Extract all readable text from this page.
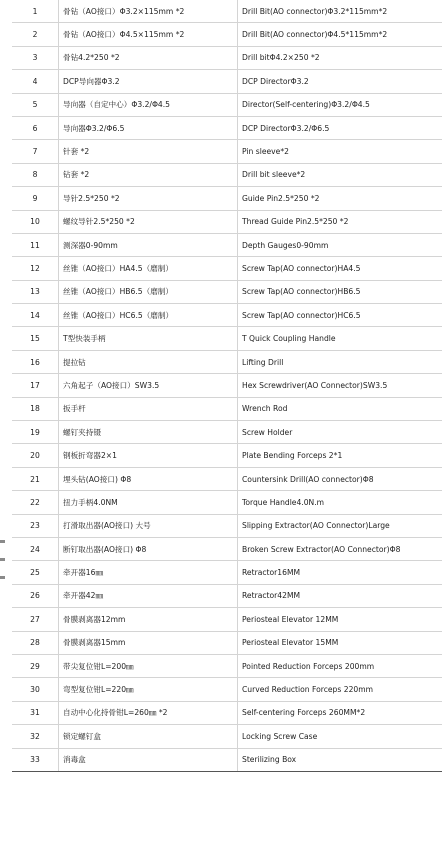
1	骨钻（AO接口）Φ3.2×115mm *2	Drill Bit(AO connector)Φ3.2*115mm*2
2	骨钻（AO接口）Φ4.5×115mm *2	Drill Bit(AO connector)Φ4.5*115mm*2
3	骨钻4.2*250 *2	Drill bitΦ4.2×250 *2
4	DCP导向器Φ3.2	DCP DirectorΦ3.2
5	导向器（自定中心）Φ3.2/Φ4.5	Director(Self-centering)Φ3.2/Φ4.5
6	导向器Φ3.2/Φ6.5	DCP DirectorΦ3.2/Φ6.5
7	针套 *2	Pin sleeve*2
8	钻套 *2	Drill bit sleeve*2
9	导针2.5*250 *2	Guide Pin2.5*250 *2
10	螺纹导针2.5*250 *2	Thread Guide Pin2.5*250 *2
11	测深器0-90mm	Depth Gauges0-90mm
12	丝锥（AO接口）HA4.5（磨制）	Screw Tap(AO connector)HA4.5
13	丝锥（AO接口）HB6.5（磨制）	Screw Tap(AO connector)HB6.5
14	丝锥（AO接口）HC6.5（磨制）	Screw Tap(AO connector)HC6.5
15	T型快装手柄	T Quick Coupling Handle
16	提拉钻	Lifting Drill
17	六角起子（AO接口）SW3.5	Hex Screwdriver(AO Connector)SW3.5
18	扳手杆	Wrench Rod
19	螺钉夹持镊	Screw Holder
20	钢板折弯器2×1	Plate Bending Forceps 2*1
21	埋头钻(AO接口) Φ8	Countersink Drill(AO connector)Φ8
22	扭力手柄4.0NM	Torque Handle4.0N.m
23	打滑取出器(AO接口) 大号	Slipping Extractor(AO Connector)Large
24	断钉取出器(AO接口) Φ8	Broken Screw Extractor(AO Connector)Φ8
25	牵开器16㎜	Retractor16MM
26	牵开器42㎜	Retractor42MM
27	骨膜剥离器12mm	Periosteal Elevator 12MM
28	骨膜剥离器15mm	Periosteal Elevator 15MM
29	带尖复位钳L=200㎜	Pointed Reduction Forceps 200mm
30	弯型复位钳L=220㎜	Curved Reduction Forceps 220mm
31	自动中心化持骨钳L=260㎜ *2	Self-centering Forceps 260MM*2
32	锁定螺钉盒	Locking Screw Case
33	消毒盒	Sterilizing Box
